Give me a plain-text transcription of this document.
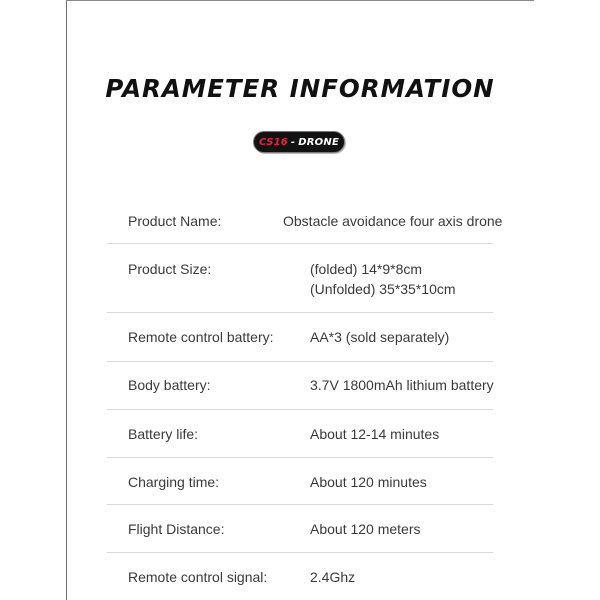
PARAMETER INFORMATION
CS16 - DRONE
Product Name:	Obstacle avoidance four axis drone
Product Size:	(folded) 14*9*8cm
(Unfolded) 35*35*10cm
Remote control battery:	AA*3 (sold separately)
Body battery:	3.7V 1800mAh lithium battery
Battery life:	About 12-14 minutes
Charging time:	About 120 minutes
Flight Distance:	About 120 meters
Remote control signal:	2.4Ghz
